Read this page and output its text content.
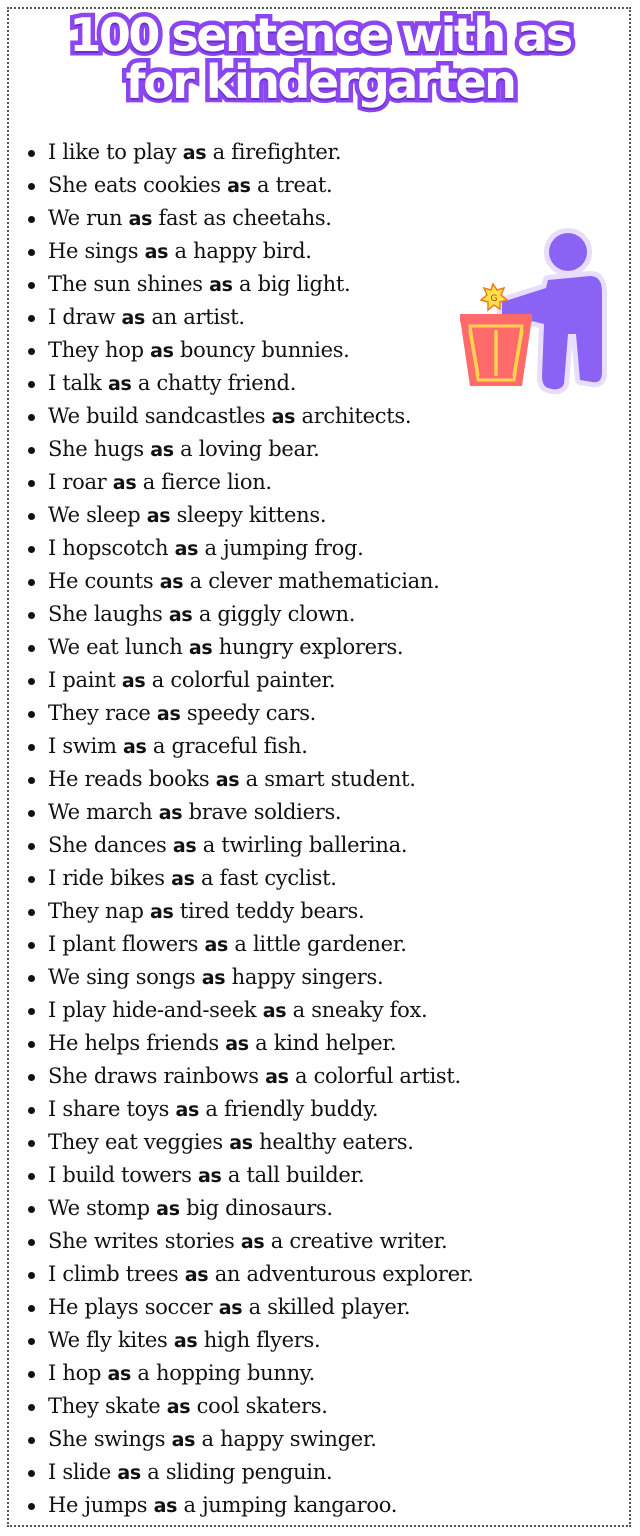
100 sentence with as
for kindergarten
I like to play as a firefighter.
She eats cookies as a treat.
We run as fast as cheetahs.
He sings as a happy bird.
The sun shines as a big light.
I draw as an artist.
They hop as bouncy bunnies.
I talk as a chatty friend.
We build sandcastles as architects.
She hugs as a loving bear.
I roar as a fierce lion.
We sleep as sleepy kittens.
I hopscotch as a jumping frog.
He counts as a clever mathematician.
She laughs as a giggly clown.
We eat lunch as hungry explorers.
I paint as a colorful painter.
They race as speedy cars.
I swim as a graceful fish.
He reads books as a smart student.
We march as brave soldiers.
She dances as a twirling ballerina.
I ride bikes as a fast cyclist.
They nap as tired teddy bears.
I plant flowers as a little gardener.
We sing songs as happy singers.
I play hide-and-seek as a sneaky fox.
He helps friends as a kind helper.
She draws rainbows as a colorful artist.
I share toys as a friendly buddy.
They eat veggies as healthy eaters.
I build towers as a tall builder.
We stomp as big dinosaurs.
She writes stories as a creative writer.
I climb trees as an adventurous explorer.
He plays soccer as a skilled player.
We fly kites as high flyers.
I hop as a hopping bunny.
They skate as cool skaters.
She swings as a happy swinger.
I slide as a sliding penguin.
He jumps as a jumping kangaroo.
G
